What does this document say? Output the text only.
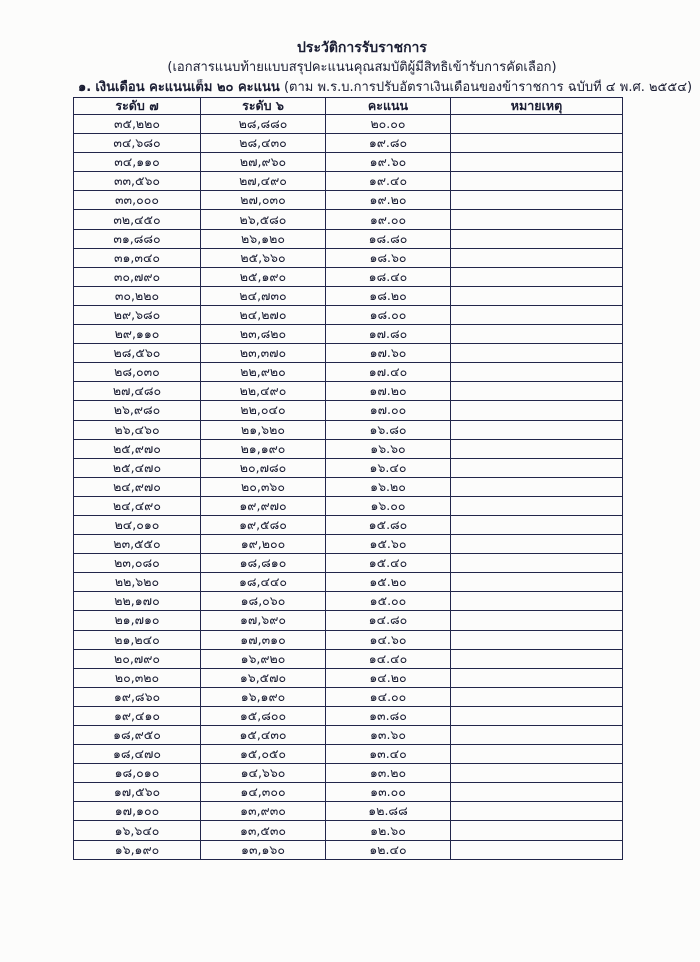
ประวัติการรับราชการ
(เอกสารแนบท้ายแบบสรุปคะแนนคุณสมบัติผู้มีสิทธิเข้ารับการคัดเลือก)
๑. เงินเดือน คะแนนเต็ม ๒๐ คะแนน (ตาม พ.ร.บ.การปรับอัตราเงินเดือนของข้าราชการ ฉบับที่ ๔ พ.ศ. ๒๕๕๔)
ระดับ ๗	ระดับ ๖	คะแนน	หมายเหตุ
๓๕,๒๒๐	๒๘,๘๘๐	๒๐.๐๐	
๓๔,๖๘๐	๒๘,๔๓๐	๑๙.๘๐	
๓๔,๑๑๐	๒๗,๙๖๐	๑๙.๖๐	
๓๓,๕๖๐	๒๗,๔๙๐	๑๙.๔๐	
๓๓,๐๐๐	๒๗,๐๓๐	๑๙.๒๐	
๓๒,๔๕๐	๒๖,๕๘๐	๑๙.๐๐	
๓๑,๘๘๐	๒๖,๑๒๐	๑๘.๘๐	
๓๑,๓๔๐	๒๕,๖๖๐	๑๘.๖๐	
๓๐,๗๙๐	๒๕,๑๙๐	๑๘.๔๐	
๓๐,๒๒๐	๒๔,๗๓๐	๑๘.๒๐	
๒๙,๖๘๐	๒๔,๒๗๐	๑๘.๐๐	
๒๙,๑๑๐	๒๓,๘๒๐	๑๗.๘๐	
๒๘,๕๖๐	๒๓,๓๗๐	๑๗.๖๐	
๒๘,๐๓๐	๒๒,๙๒๐	๑๗.๔๐	
๒๗,๔๘๐	๒๒,๔๙๐	๑๗.๒๐	
๒๖,๙๘๐	๒๒,๐๔๐	๑๗.๐๐	
๒๖,๔๖๐	๒๑,๖๒๐	๑๖.๘๐	
๒๕,๙๗๐	๒๑,๑๙๐	๑๖.๖๐	
๒๕,๔๗๐	๒๐,๗๘๐	๑๖.๔๐	
๒๔,๙๗๐	๒๐,๓๖๐	๑๖.๒๐	
๒๔,๔๙๐	๑๙,๙๗๐	๑๖.๐๐	
๒๔,๐๑๐	๑๙,๕๘๐	๑๕.๘๐	
๒๓,๕๕๐	๑๙,๒๐๐	๑๕.๖๐	
๒๓,๐๘๐	๑๘,๘๑๐	๑๕.๔๐	
๒๒,๖๒๐	๑๘,๔๔๐	๑๕.๒๐	
๒๒,๑๗๐	๑๘,๐๖๐	๑๕.๐๐	
๒๑,๗๑๐	๑๗,๖๙๐	๑๔.๘๐	
๒๑,๒๔๐	๑๗,๓๑๐	๑๔.๖๐	
๒๐,๗๙๐	๑๖,๙๒๐	๑๔.๔๐	
๒๐,๓๒๐	๑๖,๕๗๐	๑๔.๒๐	
๑๙,๘๖๐	๑๖,๑๙๐	๑๔.๐๐	
๑๙,๔๑๐	๑๕,๘๐๐	๑๓.๘๐	
๑๘,๙๕๐	๑๕,๔๓๐	๑๓.๖๐	
๑๘,๔๗๐	๑๕,๐๕๐	๑๓.๔๐	
๑๘,๐๑๐	๑๔,๖๖๐	๑๓.๒๐	
๑๗,๕๖๐	๑๔,๓๐๐	๑๓.๐๐	
๑๗,๑๐๐	๑๓,๙๓๐	๑๒.๘๘	
๑๖,๖๔๐	๑๓,๕๓๐	๑๒.๖๐	
๑๖,๑๙๐	๑๓,๑๖๐	๑๒.๔๐	
